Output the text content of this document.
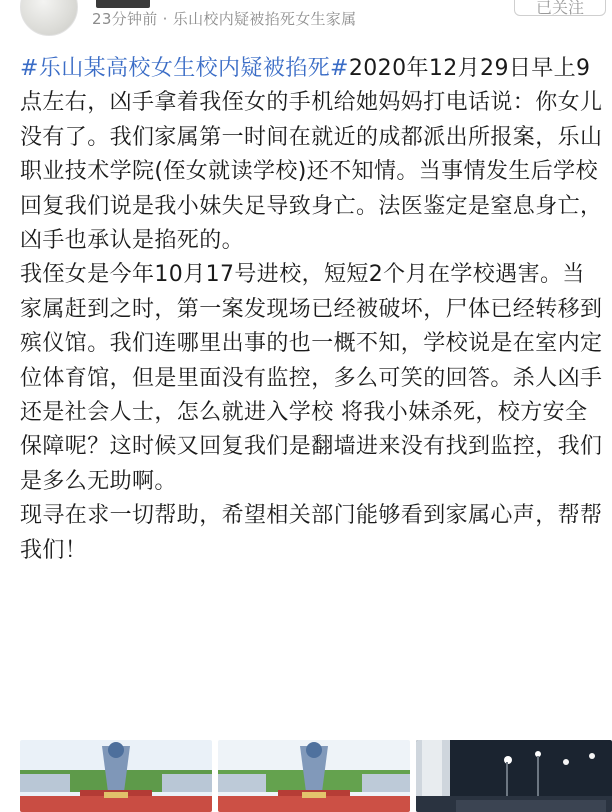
23分钟前 · 乐山校内疑被掐死女生家属
已关注

#乐山某高校女生校内疑被掐死#2020年12月29日早上9点左右，凶手拿着我侄女的手机给她妈妈打电话说：你女儿没有了。我们家属第一时间在就近的成都派出所报案，乐山职业技术学院(侄女就读学校)还不知情。当事情发生后学校回复我们说是我小妹失足导致身亡。法医鉴定是窒息身亡，凶手也承认是掐死的。

我侄女是今年10月17号进校，短短2个月在学校遇害。当家属赶到之时，第一案发现场已经被破坏，尸体已经转移到殡仪馆。我们连哪里出事的也一概不知，学校说是在室内定位体育馆，但是里面没有监控，多么可笑的回答。杀人凶手还是社会人士，怎么就进入学校 将我小妹杀死，校方安全保障呢？这时候又回复我们是翻墙进来没有找到监控，我们是多么无助啊。

现寻在求一切帮助，希望相关部门能够看到家属心声，帮帮我们！
